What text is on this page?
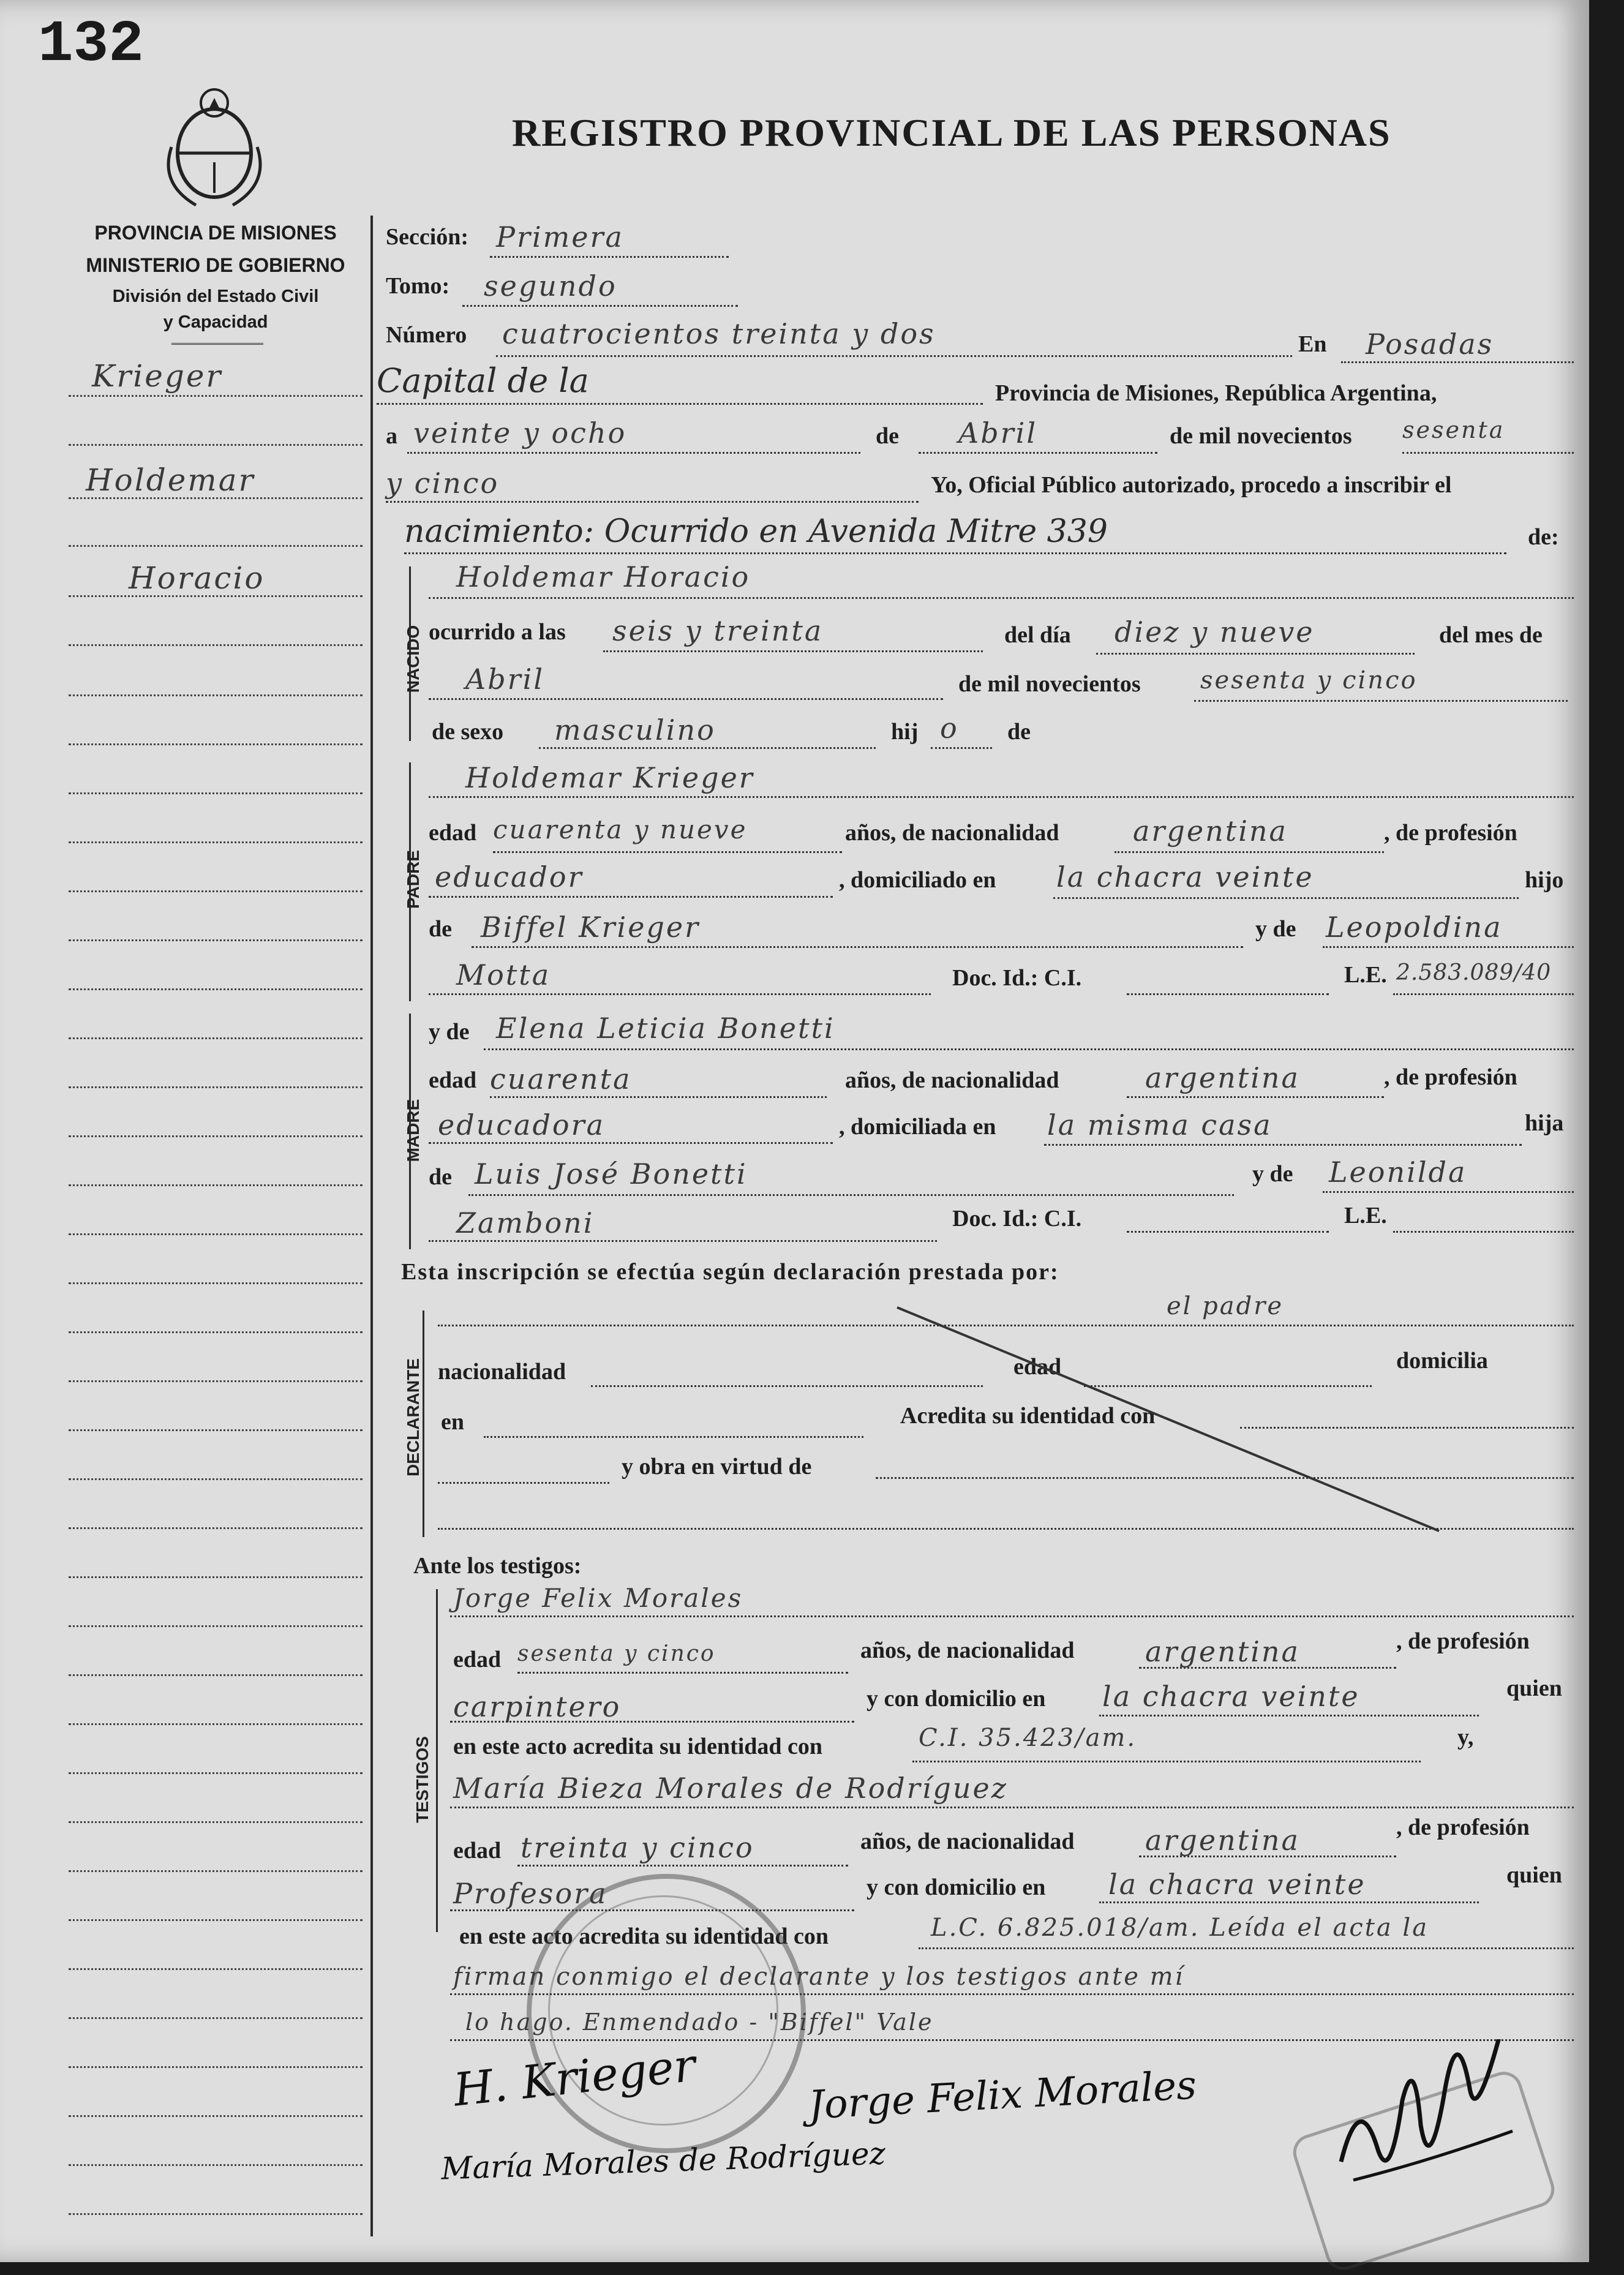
132
REGISTRO PROVINCIAL DE LAS PERSONAS
PROVINCIA DE MISIONES
MINISTERIO DE GOBIERNO
División del Estado Civil
y Capacidad
Krieger
Holdemar
Horacio
Sección: Primera
Tomo: segundo
Número cuatrocientos treinta y dos	En Posadas
Capital de la	Provincia de Misiones, República Argentina,
a veinte y ocho	de Abril	de mil novecientos sesenta
y cinco	Yo, Oficial Público autorizado, procedo a inscribir el
nacimiento: Ocurrido en Avenida Mitre 339	de:
NACIDO
Holdemar Horacio
ocurrido a las seis y treinta	del día diez y nueve	del mes de
Abril	de mil novecientos sesenta y cinco
de sexo masculino	hij o de
PADRE
Holdemar Krieger
edad cuarenta y nueve	años, de nacionalidad	argentina	, de profesión
educador	, domiciliado en la chacra veinte	hijo
de Biffel Krieger	y de Leopoldina
Motta	Doc. Id.: C.I.	L.E. 2.583.089/40
y de
MADRE
Elena Leticia Bonetti
edad cuarenta	años, de nacionalidad	argentina	, de profesión
educadora	, domiciliada en la misma casa	hija
de Luis José Bonetti	y de Leonilda
Zamboni	Doc. Id.: C.I.	L.E.
Esta inscripción se efectúa según declaración prestada por:
DECLARANTE
el padre
nacionalidad	edad	domicilia
en	Acredita su identidad con
y obra en virtud de
Ante los testigos:
TESTIGOS
Jorge Felix Morales
edad sesenta y cinco	años, de nacionalidad	argentina	, de profesión
carpintero	y con domicilio en la chacra veinte	quien
en este acto acredita su identidad con	C.I. 35.423/am.	y,
María Bieza Morales de Rodríguez
edad treinta y cinco	años, de nacionalidad	argentina	, de profesión
Profesora	y con domicilio en la chacra veinte	quien
en este acto acredita su identidad con	L.C. 6.825.018/am. Leída el acta la
firman conmigo el declarante y los testigos ante mí
lo hago. Enmendado - "Biffel" Vale
H. Krieger	Jorge Felix Morales
María Morales de Rodríguez
